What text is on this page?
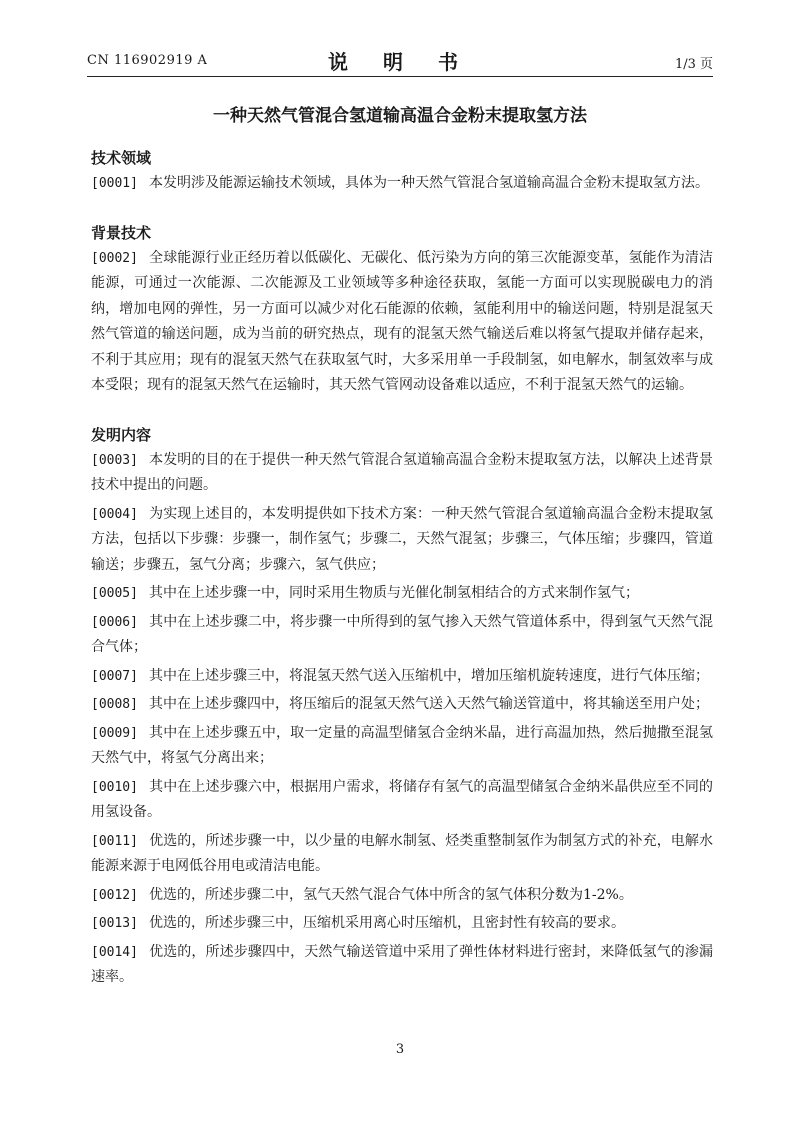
CN 116902919 A	说 明 书	1/3 页
一种天然气管混合氢道输高温合金粉末提取氢方法
技术领域

[0001] 本发明涉及能源运输技术领域，具体为一种天然气管混合氢道输高温合金粉末提取氢方法。

背景技术

[0002] 全球能源行业正经历着以低碳化、无碳化、低污染为方向的第三次能源变革，氢能作为清洁能源，可通过一次能源、二次能源及工业领域等多种途径获取，氢能一方面可以实现脱碳电力的消纳，增加电网的弹性，另一方面可以减少对化石能源的依赖，氢能利用中的输送问题，特别是混氢天然气管道的输送问题，成为当前的研究热点，现有的混氢天然气输送后难以将氢气提取并储存起来，不利于其应用；现有的混氢天然气在获取氢气时，大多采用单一手段制氢，如电解水，制氢效率与成本受限；现有的混氢天然气在运输时，其天然气管网动设备难以适应，不利于混氢天然气的运输。

发明内容

[0003] 本发明的目的在于提供一种天然气管混合氢道输高温合金粉末提取氢方法，以解决上述背景技术中提出的问题。

[0004] 为实现上述目的，本发明提供如下技术方案：一种天然气管混合氢道输高温合金粉末提取氢方法，包括以下步骤：步骤一，制作氢气；步骤二，天然气混氢；步骤三，气体压缩；步骤四，管道输送；步骤五，氢气分离；步骤六，氢气供应；

[0005] 其中在上述步骤一中，同时采用生物质与光催化制氢相结合的方式来制作氢气；

[0006] 其中在上述步骤二中，将步骤一中所得到的氢气掺入天然气管道体系中，得到氢气天然气混合气体；

[0007] 其中在上述步骤三中，将混氢天然气送入压缩机中，增加压缩机旋转速度，进行气体压缩；

[0008] 其中在上述步骤四中，将压缩后的混氢天然气送入天然气输送管道中，将其输送至用户处；

[0009] 其中在上述步骤五中，取一定量的高温型储氢合金纳米晶，进行高温加热，然后抛撒至混氢天然气中，将氢气分离出来；

[0010] 其中在上述步骤六中，根据用户需求，将储存有氢气的高温型储氢合金纳米晶供应至不同的用氢设备。

[0011] 优选的，所述步骤一中，以少量的电解水制氢、烃类重整制氢作为制氢方式的补充，电解水能源来源于电网低谷用电或清洁电能。

[0012] 优选的，所述步骤二中，氢气天然气混合气体中所含的氢气体积分数为1-2%。

[0013] 优选的，所述步骤三中，压缩机采用离心时压缩机，且密封性有较高的要求。

[0014] 优选的，所述步骤四中，天然气输送管道中采用了弹性体材料进行密封，来降低氢气的渗漏速率。

3
